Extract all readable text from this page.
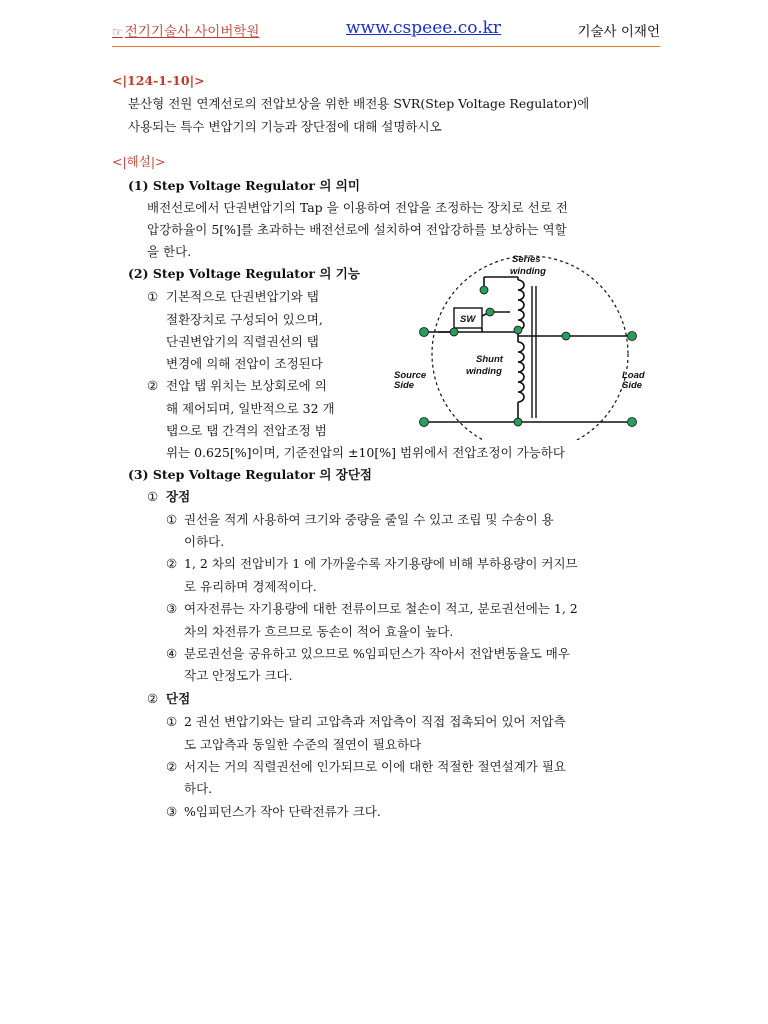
☞ 전기기술사 사이버학원	www.cspeee.co.kr	기술사 이재언
<|124-1-10|>
분산형 전원 연계선로의 전압보상을 위한 배전용 SVR(Step Voltage Regulator)에
사용되는 특수 변압기의 기능과 장단점에 대해 설명하시오
<|해설|>
(1) Step Voltage Regulator 의 의미
배전선로에서 단권변압기의 Tap 을 이용하여 전압을 조정하는 장치로 선로 전
압강하율이 5[%]를 초과하는 배전선로에 설치하여 전압강하를 보상하는 역할
을 한다.
(2) Step Voltage Regulator 의 기능
① 기본적으로 단권변압기와 탭
절환장치로 구성되어 있으며,
단권변압기의 직렬권선의 탭
변경에 의해 전압이 조정된다
② 전압 탭 위치는 보상회로에 의
해 제어되며, 일반적으로 32 개
탭으로 탭 간격의 전압조정 범
위는 0.625[%]이며, 기준전압의 ±10[%] 범위에서 전압조정이 가능하다
Series
winding
SW
Shunt
winding
Source
Side
Load
Side
(3) Step Voltage Regulator 의 장단점
① 장점
① 권선을 적게 사용하여 크기와 중량을 줄일 수 있고 조립 및 수송이 용
이하다.
② 1, 2 차의 전압비가 1 에 가까울수록 자기용량에 비해 부하용량이 커지므
로 유리하며 경제적이다.
③ 여자전류는 자기용량에 대한 전류이므로 철손이 적고, 분로권선에는 1, 2
차의 차전류가 흐르므로 동손이 적어 효율이 높다.
④ 분로권선을 공유하고 있으므로 %임피던스가 작아서 전압변동율도 매우
작고 안정도가 크다.
② 단점
① 2 권선 변압기와는 달리 고압측과 저압측이 직접 접촉되어 있어 저압측
도 고압측과 동일한 수준의 절연이 필요하다
② 서지는 거의 직렬권선에 인가되므로 이에 대한 적절한 절연설계가 필요
하다.
③ %임피던스가 작아 단락전류가 크다.
